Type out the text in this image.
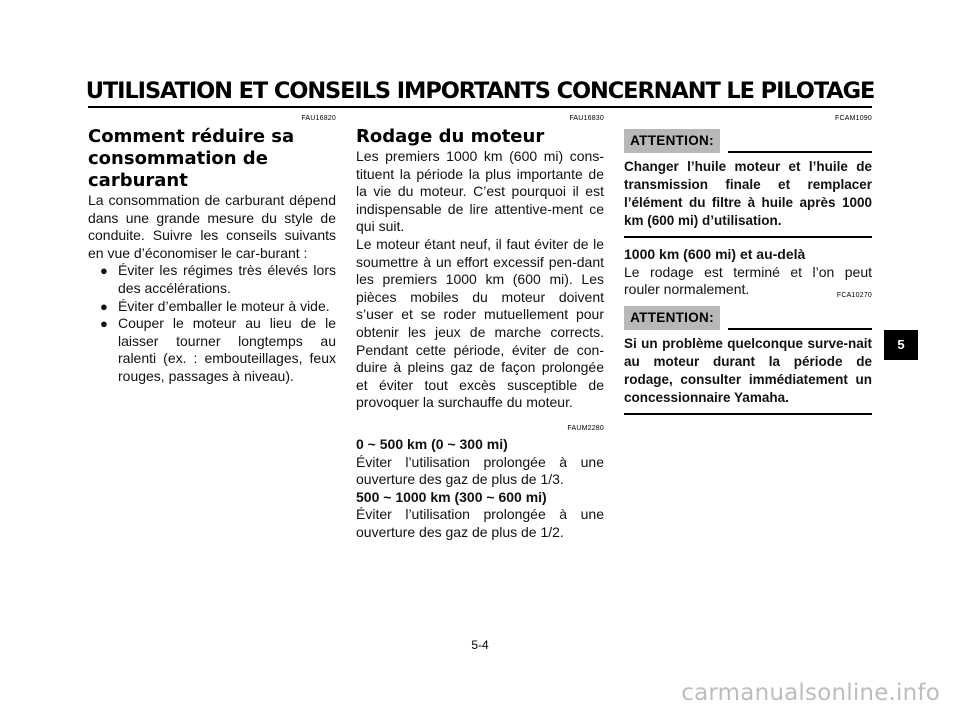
UTILISATION ET CONSEILS IMPORTANTS CONCERNANT LE PILOTAGE

FAU16820

Comment réduire sa consommation de carburant

La consommation de carburant dépend dans une grande mesure du style de conduite. Suivre les conseils suivants en vue d’économiser le car-burant :

● Éviter les régimes très élevés lors des accélérations.
● Éviter d’emballer le moteur à vide.
● Couper le moteur au lieu de le laisser tourner longtemps au ralenti (ex. : embouteillages, feux rouges, passages à niveau).

FAU16830

Rodage du moteur

Les premiers 1000 km (600 mi) cons-tituent la période la plus importante de la vie du moteur. C’est pourquoi il est indispensable de lire attentive-ment ce qui suit.

Le moteur étant neuf, il faut éviter de le soumettre à un effort excessif pen-dant les premiers 1000 km (600 mi). Les pièces mobiles du moteur doivent s’user et se roder mutuellement pour obtenir les jeux de marche corrects. Pendant cette période, éviter de con-duire à pleins gaz de façon prolongée et éviter tout excès susceptible de provoquer la surchauffe du moteur.

FAUM2280

0 ~ 500 km (0 ~ 300 mi)

Éviter l’utilisation prolongée à une ouverture des gaz de plus de 1/3.

500 ~ 1000 km (300 ~ 600 mi)

Éviter l’utilisation prolongée à une ouverture des gaz de plus de 1/2.

FCAM1090

ATTENTION:

Changer l’huile moteur et l’huile de transmission finale et remplacer l’élément du filtre à huile après 1000 km (600 mi) d’utilisation.

1000 km (600 mi) et au-delà

Le rodage est terminé et l’on peut rouler normalement.	FCA10270

ATTENTION:

Si un problème quelconque surve-nait au moteur durant la période de rodage, consulter immédiatement un concessionnaire Yamaha.

5
5-4
carmanualsonline.info
